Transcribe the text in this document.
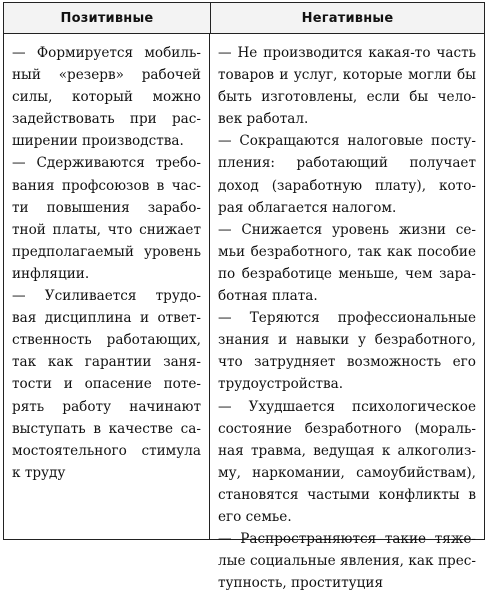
Позитивные	Негативные
— Формируется мобиль-
ный «резерв» рабочей
силы, который можно
задействовать при рас-
ширении производства.
— Сдерживаются требо-
вания профсоюзов в час-
ти повышения зарабо-
тной платы, что снижает
предполагаемый уровень
инфляции.
— Усиливается трудо-
вая дисциплина и ответ-
ственность работающих,
так как гарантии заня-
тости и опасение поте-
рять работу начинают
выступать в качестве са-
мостоятельного стимула
к труду
— Не производится какая-то часть
товаров и услуг, которые могли бы
быть изготовлены, если бы чело-
век работал.
— Сокращаются налоговые посту-
пления: работающий получает
доход (заработную плату), кото-
рая облагается налогом.
— Снижается уровень жизни се-
мьи безработного, так как пособие
по безработице меньше, чем зара-
ботная плата.
— Теряются профессиональные
знания и навыки у безработного,
что затрудняет возможность его
трудоустройства.
— Ухудшается психологическое
состояние безработного (мораль-
ная травма, ведущая к алкоголиз-
му, наркомании, самоубийствам),
становятся частыми конфликты в
его семье.
— Распространяются такие тяже-
лые социальные явления, как прес-
тупность, проституция
